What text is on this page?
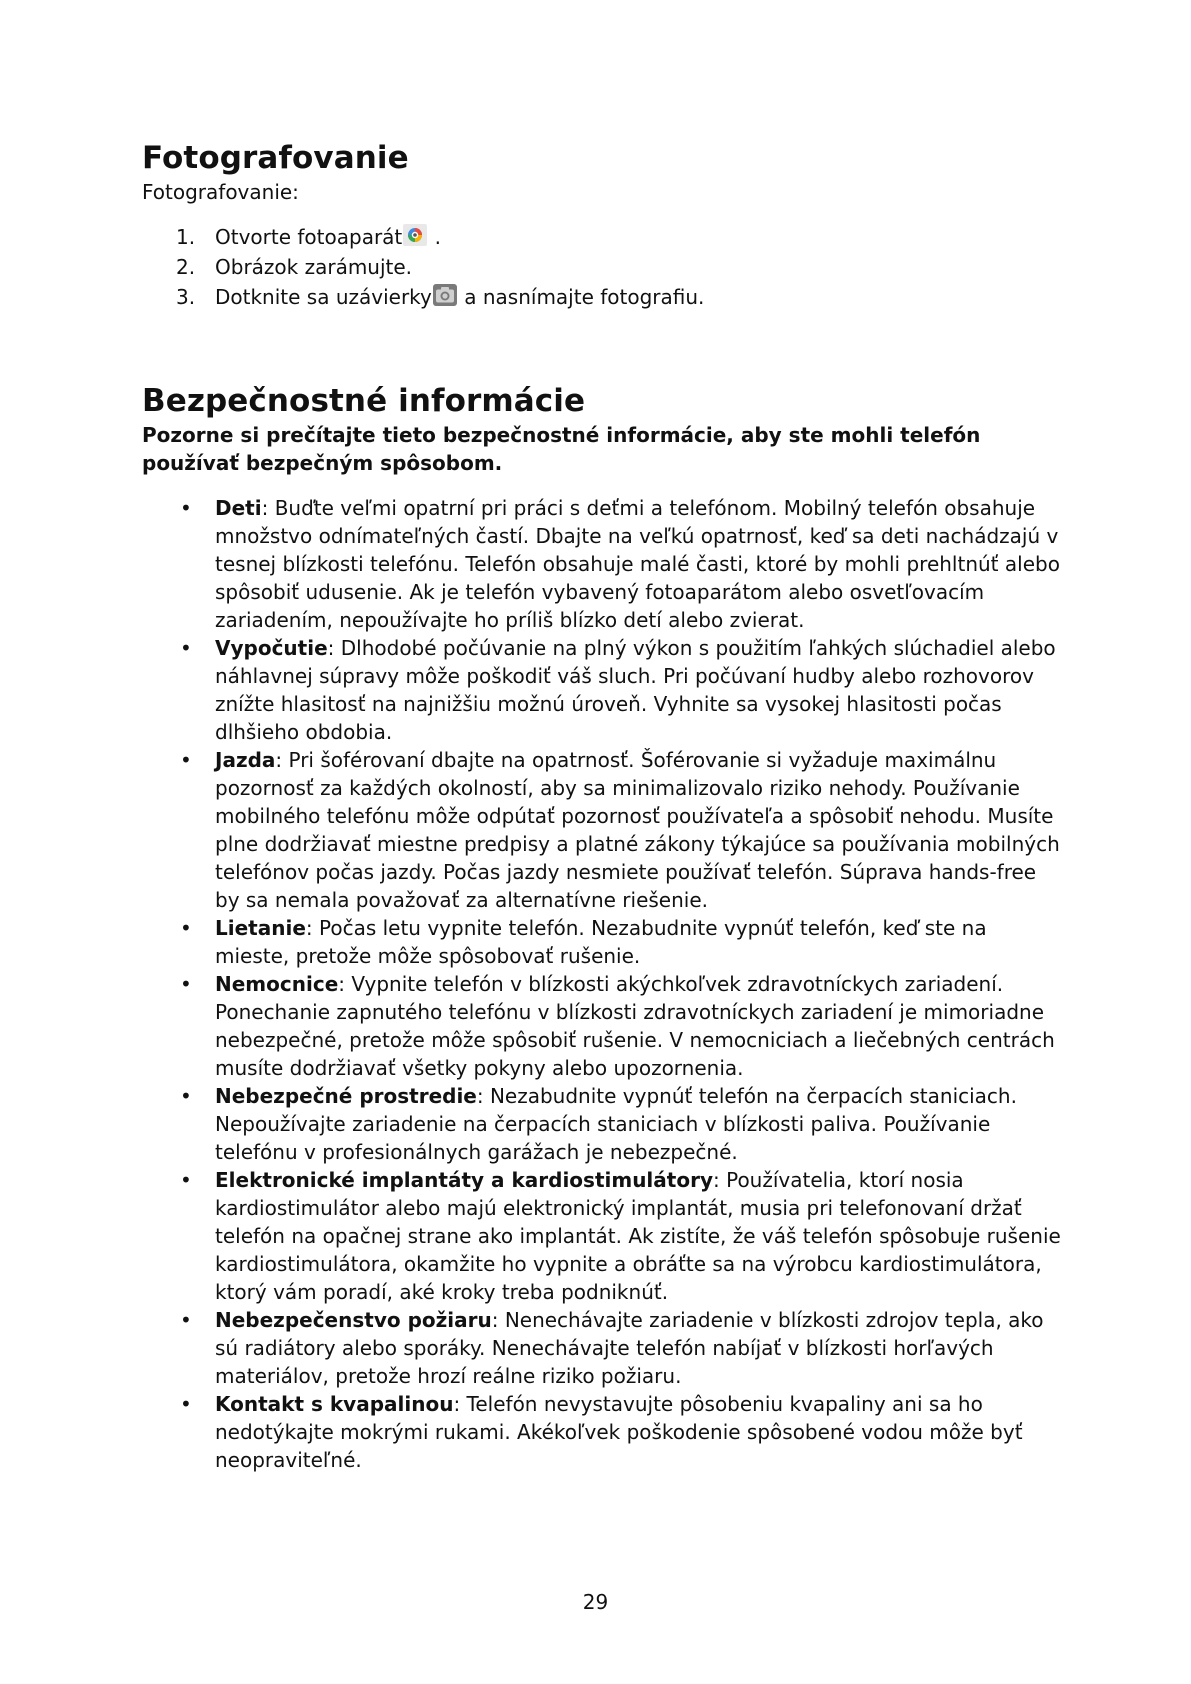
Fotografovanie

Fotografovanie:

1. Otvorte fotoaparát
.
2. Obrázok zarámujte.
3. Dotknite sa uzávierky
a nasnímajte fotografiu.
Bezpečnostné informácie

Pozorne si prečítajte tieto bezpečnostné informácie, aby ste mohli telefón používať bezpečným spôsobom.

• Deti: Buďte veľmi opatrní pri práci s deťmi a telefónom. Mobilný telefón obsahuje množstvo odnímateľných častí. Dbajte na veľkú opatrnosť, keď sa deti nachádzajú v tesnej blízkosti telefónu. Telefón obsahuje malé časti, ktoré by mohli prehltnúť alebo spôsobiť udusenie. Ak je telefón vybavený fotoaparátom alebo osvetľovacím zariadením, nepoužívajte ho príliš blízko detí alebo zvierat.
• Vypočutie: Dlhodobé počúvanie na plný výkon s použitím ľahkých slúchadiel alebo náhlavnej súpravy môže poškodiť váš sluch. Pri počúvaní hudby alebo rozhovorov znížte hlasitosť na najnižšiu možnú úroveň. Vyhnite sa vysokej hlasitosti počas dlhšieho obdobia.
• Jazda: Pri šoférovaní dbajte na opatrnosť. Šoférovanie si vyžaduje maximálnu pozornosť za každých okolností, aby sa minimalizovalo riziko nehody. Používanie mobilného telefónu môže odpútať pozornosť používateľa a spôsobiť nehodu. Musíte plne dodržiavať miestne predpisy a platné zákony týkajúce sa používania mobilných telefónov počas jazdy. Počas jazdy nesmiete používať telefón. Súprava hands-free by sa nemala považovať za alternatívne riešenie.
• Lietanie: Počas letu vypnite telefón. Nezabudnite vypnúť telefón, keď ste na mieste, pretože môže spôsobovať rušenie.
• Nemocnice: Vypnite telefón v blízkosti akýchkoľvek zdravotníckych zariadení. Ponechanie zapnutého telefónu v blízkosti zdravotníckych zariadení je mimoriadne nebezpečné, pretože môže spôsobiť rušenie. V nemocniciach a liečebných centrách musíte dodržiavať všetky pokyny alebo upozornenia.
• Nebezpečné prostredie: Nezabudnite vypnúť telefón na čerpacích staniciach. Nepoužívajte zariadenie na čerpacích staniciach v blízkosti paliva. Používanie telefónu v profesionálnych garážach je nebezpečné.
• Elektronické implantáty a kardiostimulátory: Používatelia, ktorí nosia kardiostimulátor alebo majú elektronický implantát, musia pri telefonovaní držať telefón na opačnej strane ako implantát. Ak zistíte, že váš telefón spôsobuje rušenie kardiostimulátora, okamžite ho vypnite a obráťte sa na výrobcu kardiostimulátora, ktorý vám poradí, aké kroky treba podniknúť.
• Nebezpečenstvo požiaru: Nenechávajte zariadenie v blízkosti zdrojov tepla, ako sú radiátory alebo sporáky. Nenechávajte telefón nabíjať v blízkosti horľavých materiálov, pretože hrozí reálne riziko požiaru.
• Kontakt s kvapalinou: Telefón nevystavujte pôsobeniu kvapaliny ani sa ho nedotýkajte mokrými rukami. Akékoľvek poškodenie spôsobené vodou môže byť neopraviteľné.
29
